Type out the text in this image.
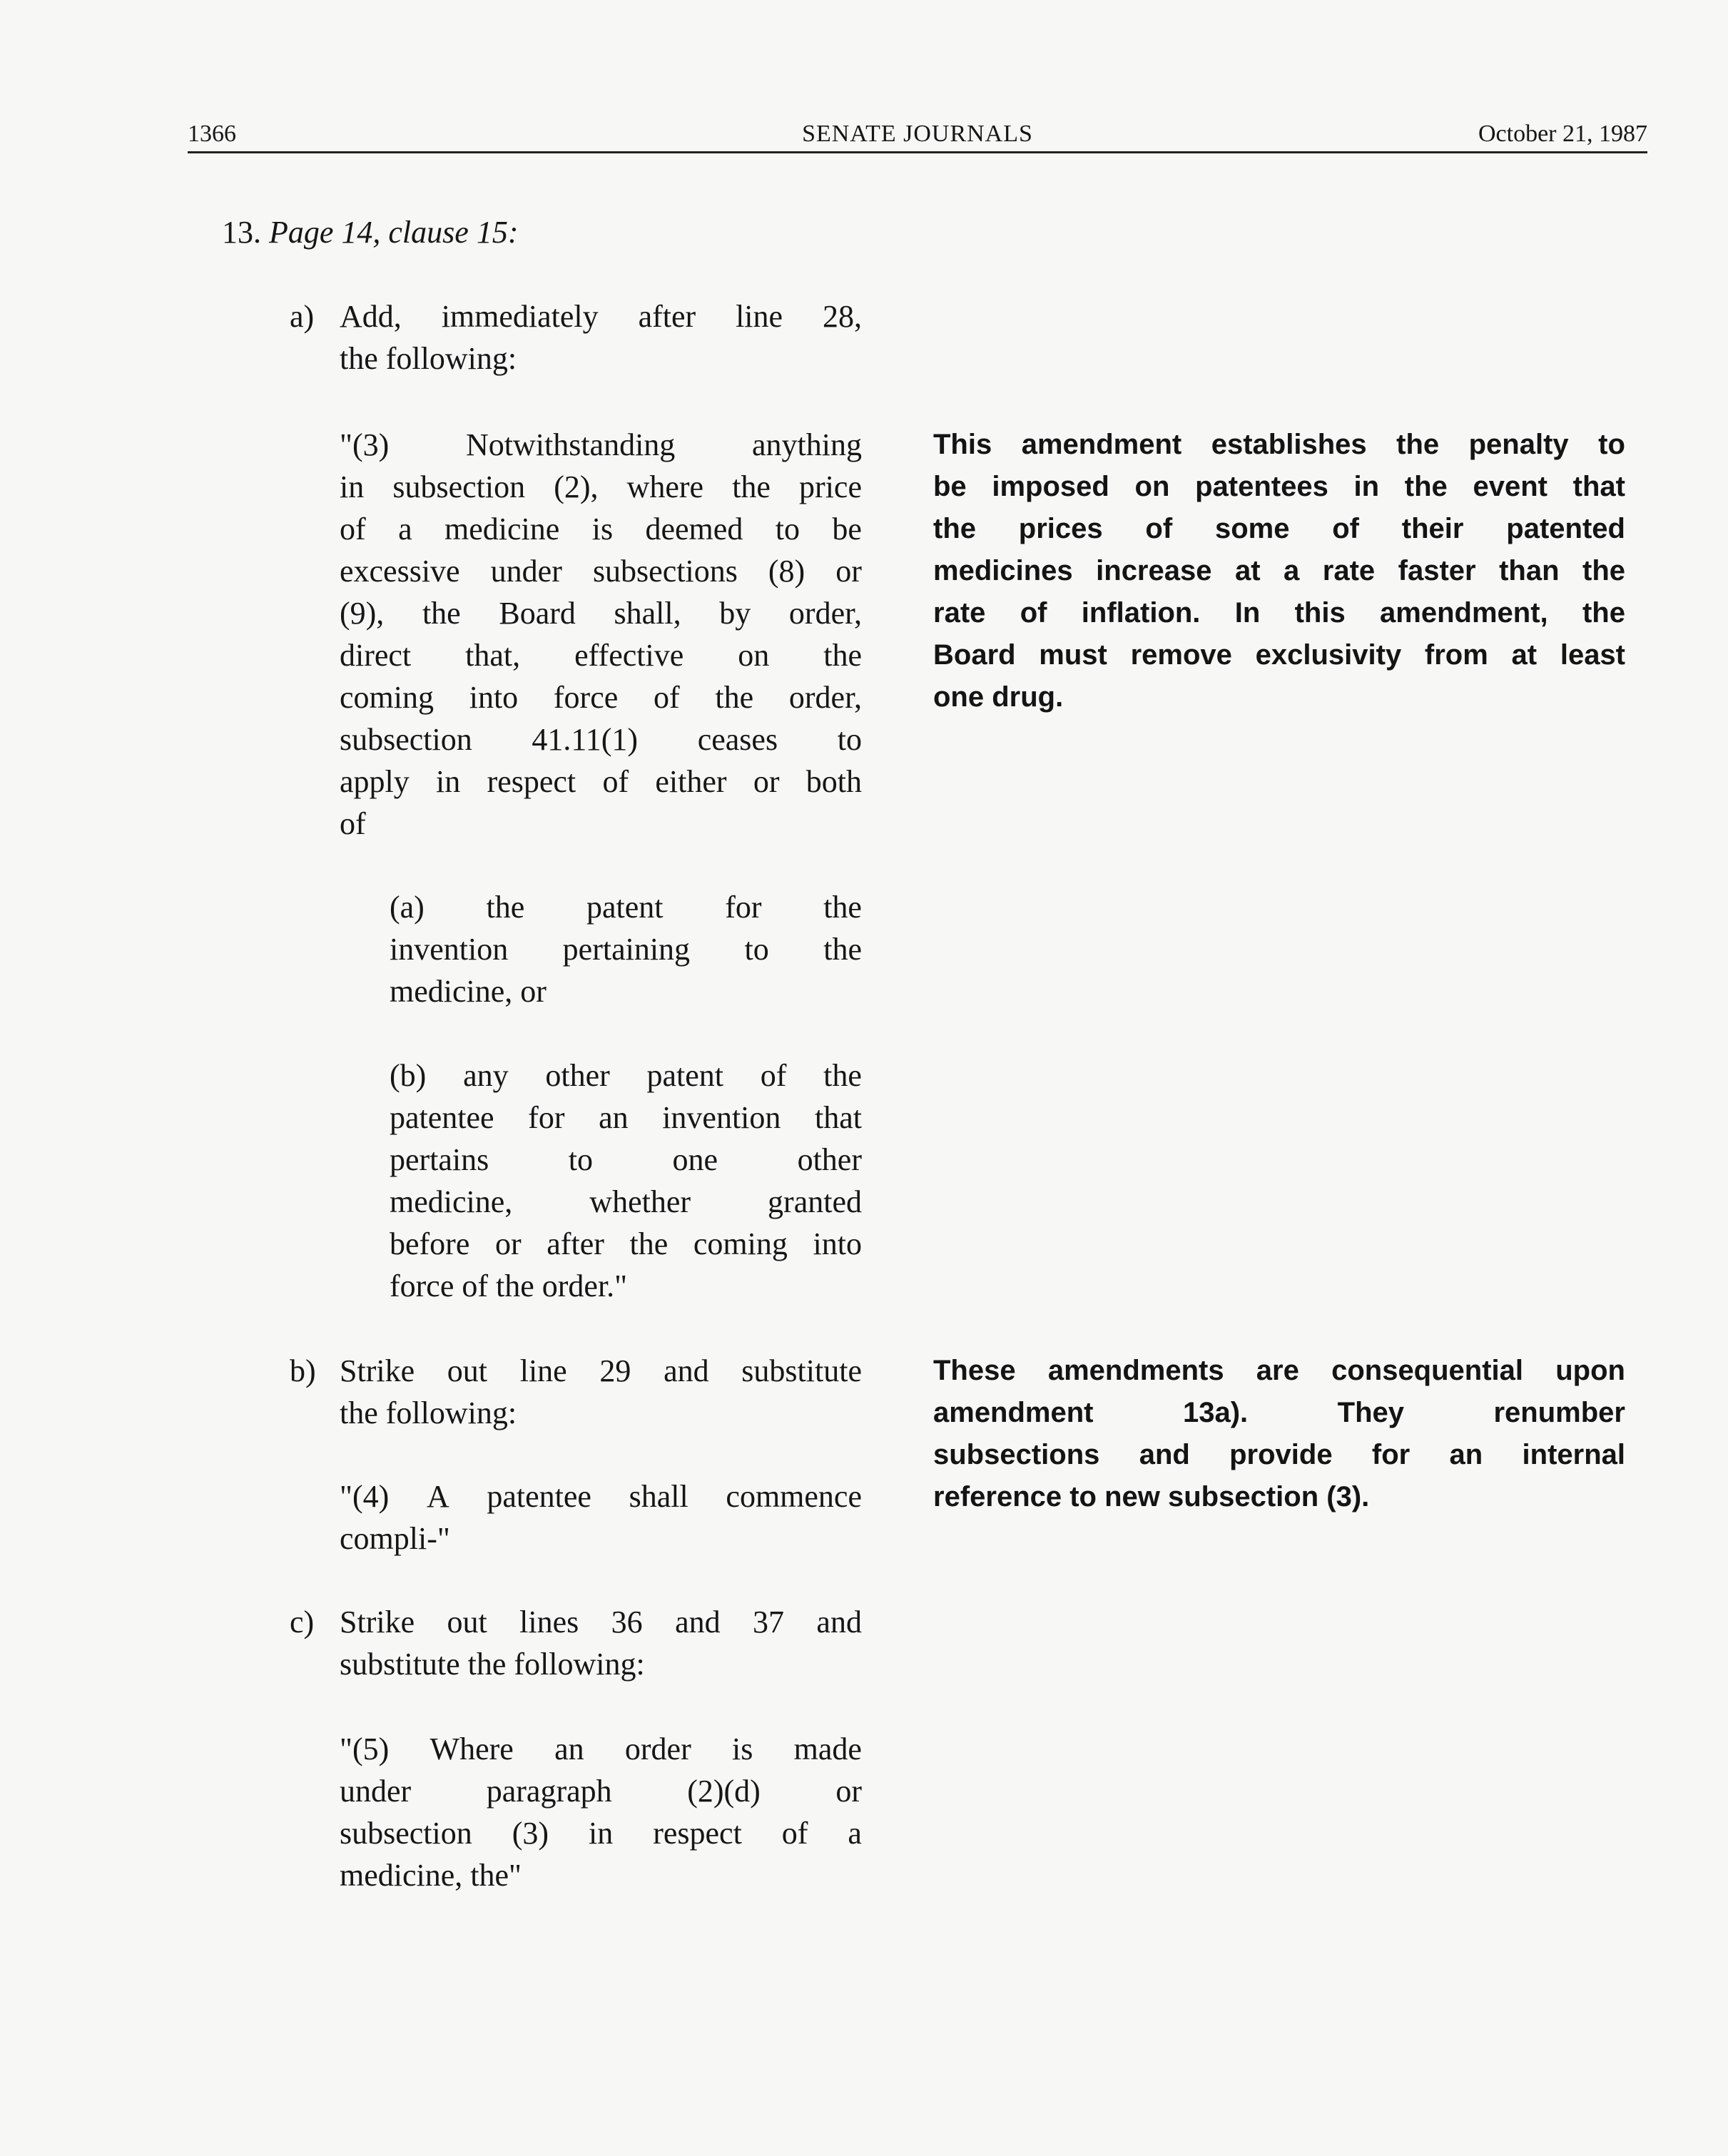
1366	SENATE JOURNALS	October 21, 1987
13. Page 14, clause 15:
a) Add, immediately after line 28,
the following:
"(3) Notwithstanding anything
in subsection (2), where the price
of a medicine is deemed to be
excessive under subsections (8) or
(9), the Board shall, by order,
direct that, effective on the
coming into force of the order,
subsection 41.11(1) ceases to
apply in respect of either or both
of
(a) the patent for the
invention pertaining to the
medicine, or
(b) any other patent of the
patentee for an invention that
pertains	to	one	other
medicine, whether granted
before or after the coming into
force of the order."
This amendment establishes the penalty to
be imposed on patentees in the event that
the prices of some of their patented
medicines increase at a rate faster than the
rate of inflation. In this amendment, the
Board must remove exclusivity from at least
one drug.
b) Strike out line 29 and substitute
the following:
"(4) A patentee shall commence
compli-"
These amendments are consequential upon
amendment	13a).	They	renumber
subsections and provide for an internal
reference to new subsection (3).
c) Strike out lines 36 and 37 and
substitute the following:
"(5) Where an order is made
under paragraph (2)(d) or
subsection (3) in respect of a
medicine, the"
